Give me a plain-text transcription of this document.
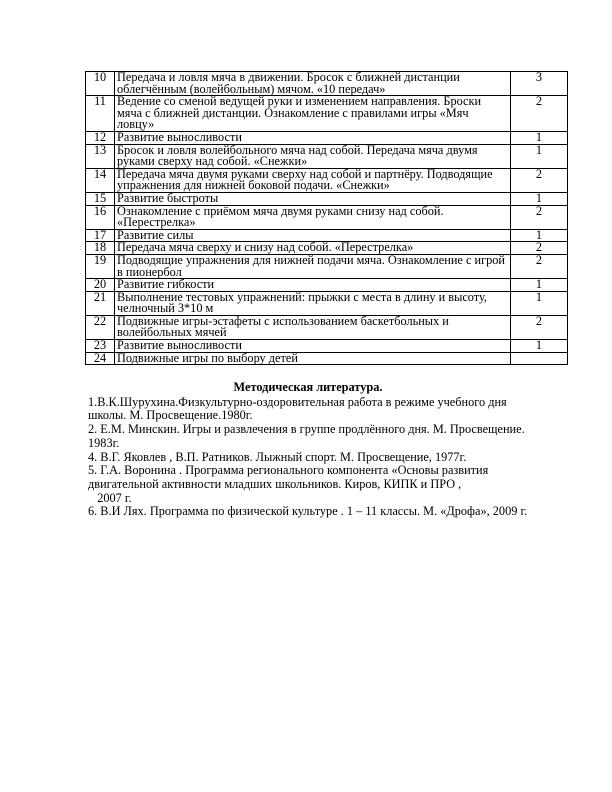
10	Передача и ловля мяча в движении. Бросок с ближней дистанции облегчённым (волейбольным) мячом. «10 передач»	3
11	Ведение со сменой ведущей руки и изменением направления. Броски мяча с ближней дистанции. Ознакомление с правилами игры «Мяч ловцу»	2
12	Развитие выносливости	1
13	Бросок и ловля волейбольного мяча над собой. Передача мяча двумя руками сверху над собой. «Снежки»	1
14	Передача мяча двумя руками сверху над собой и партнёру. Подводящие упражнения для нижней боковой подачи. «Снежки»	2
15	Развитие быстроты	1
16	Ознакомление с приёмом мяча двумя руками снизу над собой. «Перестрелка»	2
17	Развитие силы	1
18	Передача мяча сверху и снизу над собой. «Перестрелка»	2
19	Подводящие упражнения для нижней подачи мяча. Ознакомление с игрой в пионербол	2
20	Развитие гибкости	1
21	Выполнение тестовых упражнений: прыжки с места в длину и высоту, челночный 3*10 м	1
22	Подвижные игры-эстафеты с использованием баскетбольных и волейбольных мячей	2
23	Развитие выносливости	1
24	Подвижные игры по выбору детей	

Методическая литература.

1.В.К.Шурухина.Физкультурно-оздоровительная работа в режиме учебного дня школы. М. Просвещение.1980г.

2. Е.М. Минскин. Игры и развлечения в группе продлённого дня. М. Просвещение. 1983г.

4. В.Г. Яковлев , В.П. Ратников. Лыжный спорт. М. Просвещение, 1977г.

5. Г.А. Воронина . Программа регионального компонента «Основы развития двигательной активности младших школьников. Киров, КИПК и ПРО ,

2007 г.

6. В.И Лях. Программа по физической культуре . 1 – 11 классы. М. «Дрофа», 2009 г.
